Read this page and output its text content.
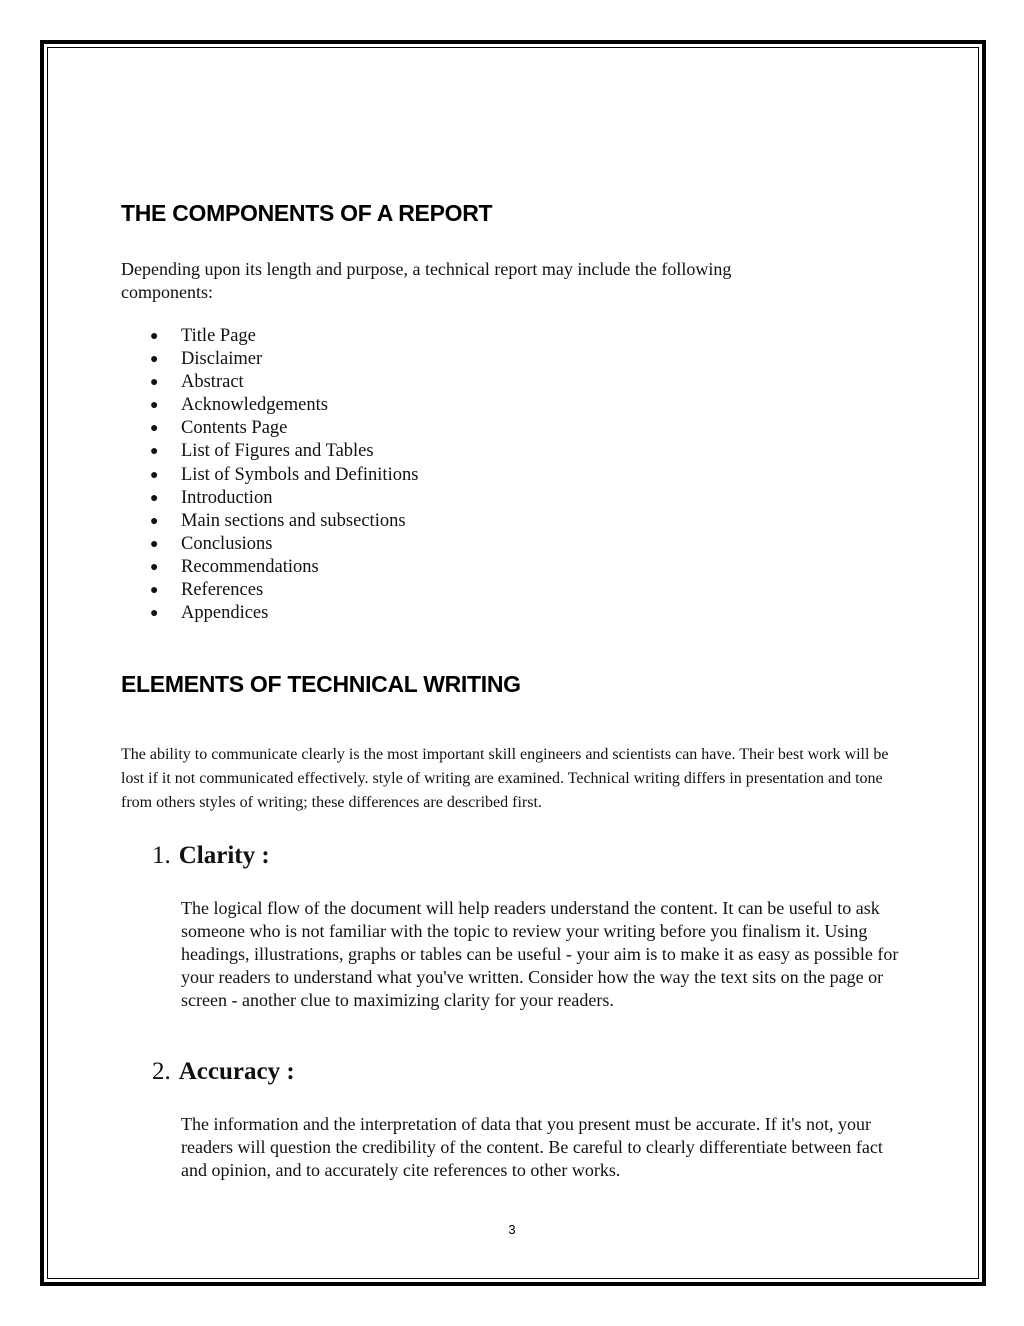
THE COMPONENTS OF A REPORT

Depending upon its length and purpose, a technical report may include the following components:

● Title Page
● Disclaimer
● Abstract
● Acknowledgements
● Contents Page
● List of Figures and Tables
● List of Symbols and Definitions
● Introduction
● Main sections and subsections
● Conclusions
● Recommendations
● References
● Appendices
ELEMENTS OF TECHNICAL WRITING

The ability to communicate clearly is the most important skill engineers and scientists can have. Their best work will be lost if it not communicated effectively. style of writing are examined. Technical writing differs in presentation and tone from others styles of writing; these differences are described first.

1. Clarity :

The logical flow of the document will help readers understand the content. It can be useful to ask someone who is not familiar with the topic to review your writing before you finalism it. Using headings, illustrations, graphs or tables can be useful - your aim is to make it as easy as possible for your readers to understand what you've written. Consider how the way the text sits on the page or screen - another clue to maximizing clarity for your readers.

2. Accuracy :

The information and the interpretation of data that you present must be accurate. If it's not, your readers will question the credibility of the content. Be careful to clearly differentiate between fact and opinion, and to accurately cite references to other works.

3
